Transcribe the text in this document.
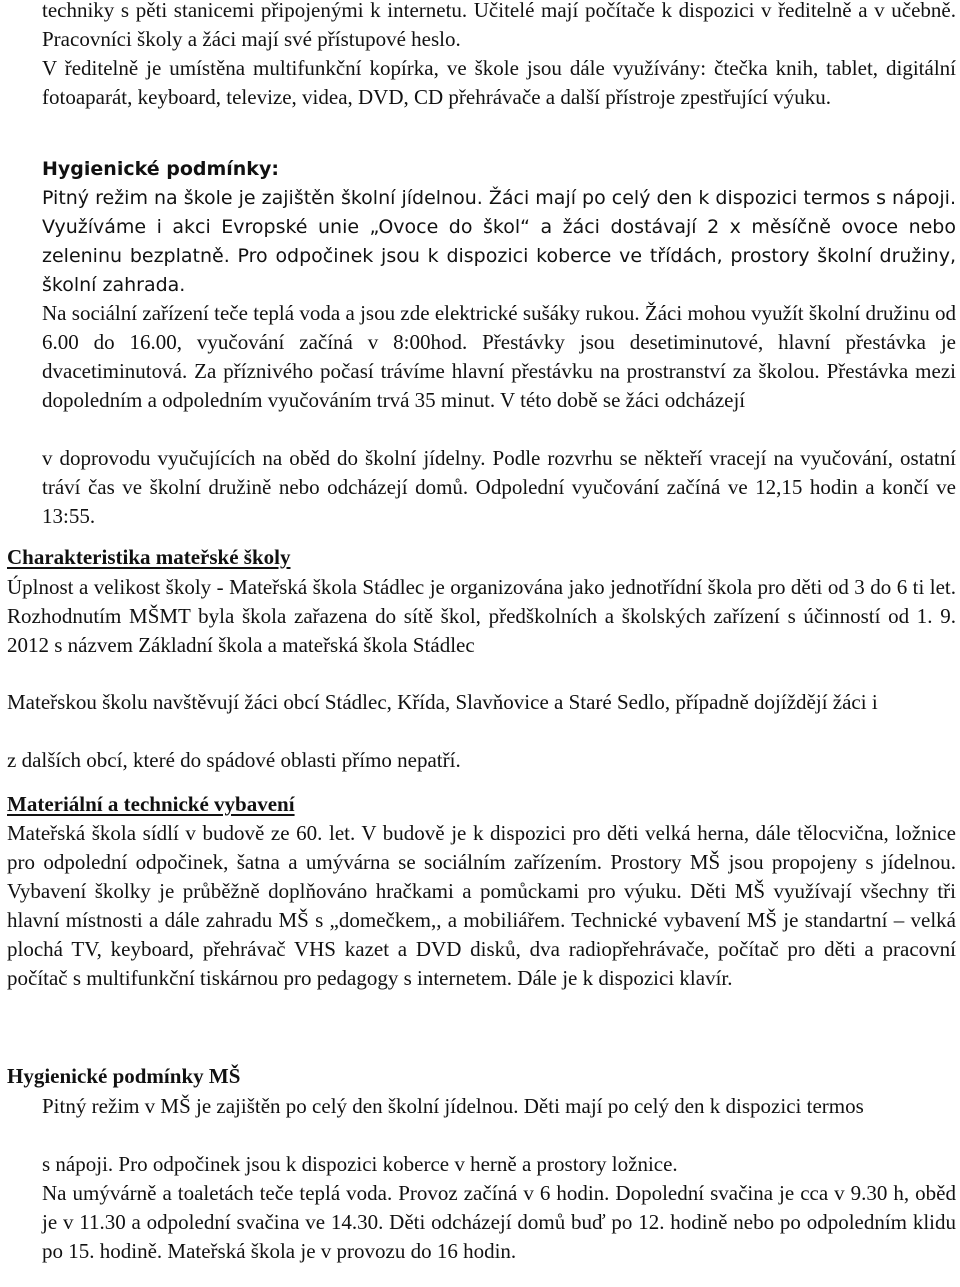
techniky s pěti stanicemi připojenými k internetu. Učitelé mají počítače k dispozici v ředitelně a v učebně. Pracovníci školy a žáci mají své přístupové heslo.
V ředitelně je umístěna multifunkční kopírka, ve škole jsou dále využívány: čtečka knih, tablet, digitální fotoaparát, keyboard, televize, videa, DVD, CD přehrávače a další přístroje zpestřující výuku.
Hygienické podmínky:
Pitný režim na škole je zajištěn školní jídelnou. Žáci mají po celý den k dispozici termos s nápoji. Využíváme i akci Evropské unie „Ovoce do škol“ a žáci dostávají 2 x měsíčně ovoce nebo zeleninu bezplatně. Pro odpočinek jsou k dispozici koberce ve třídách, prostory školní družiny, školní zahrada.
Na sociální zařízení teče teplá voda a jsou zde elektrické sušáky rukou. Žáci mohou využít školní družinu od 6.00 do 16.00, vyučování začíná v 8:00hod. Přestávky jsou desetiminutové, hlavní přestávka je dvacetiminutová. Za příznivého počasí trávíme hlavní přestávku na prostranství za školou. Přestávka mezi dopoledním a odpoledním vyučováním trvá 35 minut. V této době se žáci odcházejí
v doprovodu vyučujících na oběd do školní jídelny. Podle rozvrhu se někteří vracejí na vyučování, ostatní tráví čas ve školní družině nebo odcházejí domů. Odpolední vyučování začíná ve 12,15 hodin a končí ve 13:55.
Charakteristika mateřské školy
Úplnost a velikost školy - Mateřská škola Stádlec je organizována jako jednotřídní škola pro děti od 3 do 6 ti let. Rozhodnutím MŠMT byla škola zařazena do sítě škol, předškolních a školských zařízení s účinností od 1. 9. 2012 s názvem Základní škola a mateřská škola Stádlec
Mateřskou školu navštěvují žáci obcí Stádlec, Křída, Slavňovice a Staré Sedlo, případně dojíždějí žáci i
z dalších obcí, které do spádové oblasti přímo nepatří.
Materiální a technické vybavení
Mateřská škola sídlí v budově ze 60. let. V budově je k dispozici pro děti velká herna, dále tělocvična, ložnice pro odpolední odpočinek, šatna a umývárna se sociálním zařízením. Prostory MŠ jsou propojeny s jídelnou. Vybavení školky je průběžně doplňováno hračkami a pomůckami pro výuku. Děti MŠ využívají všechny tři hlavní místnosti a dále zahradu MŠ s „domečkem,, a mobiliářem. Technické vybavení MŠ je standartní – velká plochá TV, keyboard, přehrávač VHS kazet a DVD disků, dva radiopřehrávače, počítač pro děti a pracovní počítač s multifunkční tiskárnou pro pedagogy s internetem. Dále je k dispozici klavír.
Hygienické podmínky MŠ
Pitný režim v MŠ je zajištěn po celý den školní jídelnou. Děti mají po celý den k dispozici termos
s nápoji. Pro odpočinek jsou k dispozici koberce v herně a prostory ložnice.
Na umývárně a toaletách teče teplá voda. Provoz začíná v 6 hodin. Dopolední svačina je cca v 9.30 h, oběd je v 11.30 a odpolední svačina ve 14.30. Děti odcházejí domů buď po 12. hodině nebo po odpoledním klidu po 15. hodině. Mateřská škola je v provozu do 16 hodin.
